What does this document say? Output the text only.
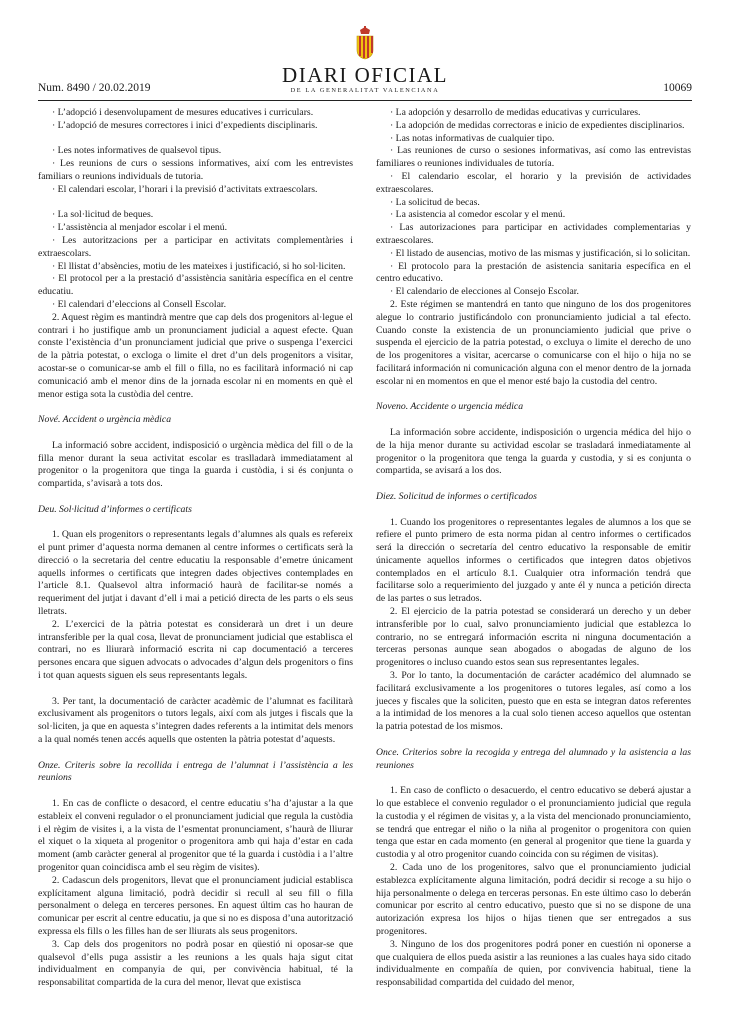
Num. 8490 / 20.02.2019
DIARI OFICIAL
DE LA GENERALITAT VALENCIANA	10069

· L’adopció i desenvolupament de mesures educatives i curriculars.

· L’adopció de mesures correctores i inici d’expedients disciplinaris.

· Les notes informatives de qualsevol tipus.

· Les reunions de curs o sessions informatives, així com les entrevistes familiars o reunions individuals de tutoria.

· El calendari escolar, l’horari i la previsió d’activitats extraescolars.

· La sol·licitud de beques.

· L’assistència al menjador escolar i el menú.

· Les autoritzacions per a participar en activitats complementàries i extraescolars.

· El llistat d’absències, motiu de les mateixes i justificació, si ho sol·liciten.

· El protocol per a la prestació d’assistència sanitària específica en el centre educatiu.

· El calendari d’eleccions al Consell Escolar.

2. Aquest règim es mantindrà mentre que cap dels dos progenitors al·legue el contrari i ho justifique amb un pronunciament judicial a aquest efecte. Quan conste l’existència d’un pronunciament judicial que prive o suspenga l’exercici de la pàtria potestat, o excloga o limite el dret d’un dels progenitors a visitar, acostar-se o comunicar-se amb el fill o filla, no es facilitarà informació ni cap comunicació amb el menor dins de la jornada escolar ni en moments en què el menor estiga sota la custòdia del centre.

Nové. Accident o urgència mèdica

La informació sobre accident, indisposició o urgència mèdica del fill o de la filla menor durant la seua activitat escolar es traslladarà immediatament al progenitor o la progenitora que tinga la guarda i custòdia, i si és conjunta o compartida, s’avisarà a tots dos.

Deu. Sol·licitud d’informes o certificats

1. Quan els progenitors o representants legals d’alumnes als quals es refereix el punt primer d’aquesta norma demanen al centre informes o certificats serà la direcció o la secretaria del centre educatiu la responsable d’emetre únicament aquells informes o certificats que integren dades objectives contemplades en l’article 8.1. Qualsevol altra informació haurà de facilitar-se només a requeriment del jutjat i davant d’ell i mai a petició directa de les parts o els seus lletrats.

2. L’exercici de la pàtria potestat es considerarà un dret i un deure intransferible per la qual cosa, llevat de pronunciament judicial que establisca el contrari, no es lliurarà informació escrita ni cap documentació a terceres persones encara que siguen advocats o advocades d’algun dels progenitors o fins i tot quan aquests siguen els seus representants legals.

3. Per tant, la documentació de caràcter acadèmic de l’alumnat es facilitarà exclusivament als progenitors o tutors legals, així com als jutges i fiscals que la sol·liciten, ja que en aquesta s’integren dades referents a la intimitat dels menors a la qual només tenen accés aquells que ostenten la pàtria potestat d’aquests.

Onze. Criteris sobre la recollida i entrega de l’alumnat i l’assistència a les reunions

1. En cas de conflicte o desacord, el centre educatiu s’ha d’ajustar a la que estableix el conveni regulador o el pronunciament judicial que regula la custòdia i el règim de visites i, a la vista de l’esmentat pronunciament, s’haurà de lliurar el xiquet o la xiqueta al progenitor o progenitora amb qui haja d’estar en cada moment (amb caràcter general al progenitor que té la guarda i custòdia i a l’altre progenitor quan coincidisca amb el seu règim de visites).

2. Cadascun dels progenitors, llevat que el pronunciament judicial establisca explícitament alguna limitació, podrà decidir si recull al seu fill o filla personalment o delega en terceres persones. En aquest últim cas ho hauran de comunicar per escrit al centre educatiu, ja que si no es disposa d’una autorització expressa els fills o les filles han de ser lliurats als seus progenitors.

3. Cap dels dos progenitors no podrà posar en qüestió ni oposar-se que qualsevol d’ells puga assistir a les reunions a les quals haja sigut citat individualment en companyia de qui, per convivència habitual, té la responsabilitat compartida de la cura del menor, llevat que existisca

· La adopción y desarrollo de medidas educativas y curriculares.

· La adopción de medidas correctoras e inicio de expedientes disciplinarios.

· Las notas informativas de cualquier tipo.

· Las reuniones de curso o sesiones informativas, así como las entrevistas familiares o reuniones individuales de tutoría.

· El calendario escolar, el horario y la previsión de actividades extraescolares.

· La solicitud de becas.

· La asistencia al comedor escolar y el menú.

· Las autorizaciones para participar en actividades complementarias y extraescolares.

· El listado de ausencias, motivo de las mismas y justificación, si lo solicitan.

· El protocolo para la prestación de asistencia sanitaria específica en el centro educativo.

· El calendario de elecciones al Consejo Escolar.

2. Este régimen se mantendrá en tanto que ninguno de los dos progenitores alegue lo contrario justificándolo con pronunciamiento judicial a tal efecto. Cuando conste la existencia de un pronunciamiento judicial que prive o suspenda el ejercicio de la patria potestad, o excluya o limite el derecho de uno de los progenitores a visitar, acercarse o comunicarse con el hijo o hija no se facilitará información ni comunicación alguna con el menor dentro de la jornada escolar ni en momentos en que el menor esté bajo la custodia del centro.

Noveno. Accidente o urgencia médica

La información sobre accidente, indisposición o urgencia médica del hijo o de la hija menor durante su actividad escolar se trasladará inmediatamente al progenitor o la progenitora que tenga la guarda y custodia, y si es conjunta o compartida, se avisará a los dos.

Diez. Solicitud de informes o certificados

1. Cuando los progenitores o representantes legales de alumnos a los que se refiere el punto primero de esta norma pidan al centro informes o certificados será la dirección o secretaría del centro educativo la responsable de emitir únicamente aquellos informes o certificados que integren datos objetivos contemplados en el artículo 8.1. Cualquier otra información tendrá que facilitarse solo a requerimiento del juzgado y ante él y nunca a petición directa de las partes o sus letrados.

2. El ejercicio de la patria potestad se considerará un derecho y un deber intransferible por lo cual, salvo pronunciamiento judicial que establezca lo contrario, no se entregará información escrita ni ninguna documentación a terceras personas aunque sean abogados o abogadas de alguno de los progenitores o incluso cuando estos sean sus representantes legales.

3. Por lo tanto, la documentación de carácter académico del alumnado se facilitará exclusivamente a los progenitores o tutores legales, así como a los jueces y fiscales que la soliciten, puesto que en esta se integran datos referentes a la intimidad de los menores a la cual solo tienen acceso aquellos que ostentan la patria potestad de los mismos.

Once. Criterios sobre la recogida y entrega del alumnado y la asistencia a las reuniones

1. En caso de conflicto o desacuerdo, el centro educativo se deberá ajustar a lo que establece el convenio regulador o el pronunciamiento judicial que regula la custodia y el régimen de visitas y, a la vista del mencionado pronunciamiento, se tendrá que entregar el niño o la niña al progenitor o progenitora con quien tenga que estar en cada momento (en general al progenitor que tiene la guarda y custodia y al otro progenitor cuando coincida con su régimen de visitas).

2. Cada uno de los progenitores, salvo que el pronunciamiento judicial establezca explícitamente alguna limitación, podrá decidir si recoge a su hijo o hija personalmente o delega en terceras personas. En este último caso lo deberán comunicar por escrito al centro educativo, puesto que si no se dispone de una autorización expresa los hijos o hijas tienen que ser entregados a sus progenitores.

3. Ninguno de los dos progenitores podrá poner en cuestión ni oponerse a que cualquiera de ellos pueda asistir a las reuniones a las cuales haya sido citado individualmente en compañía de quien, por convivencia habitual, tiene la responsabilidad compartida del cuidado del menor,
